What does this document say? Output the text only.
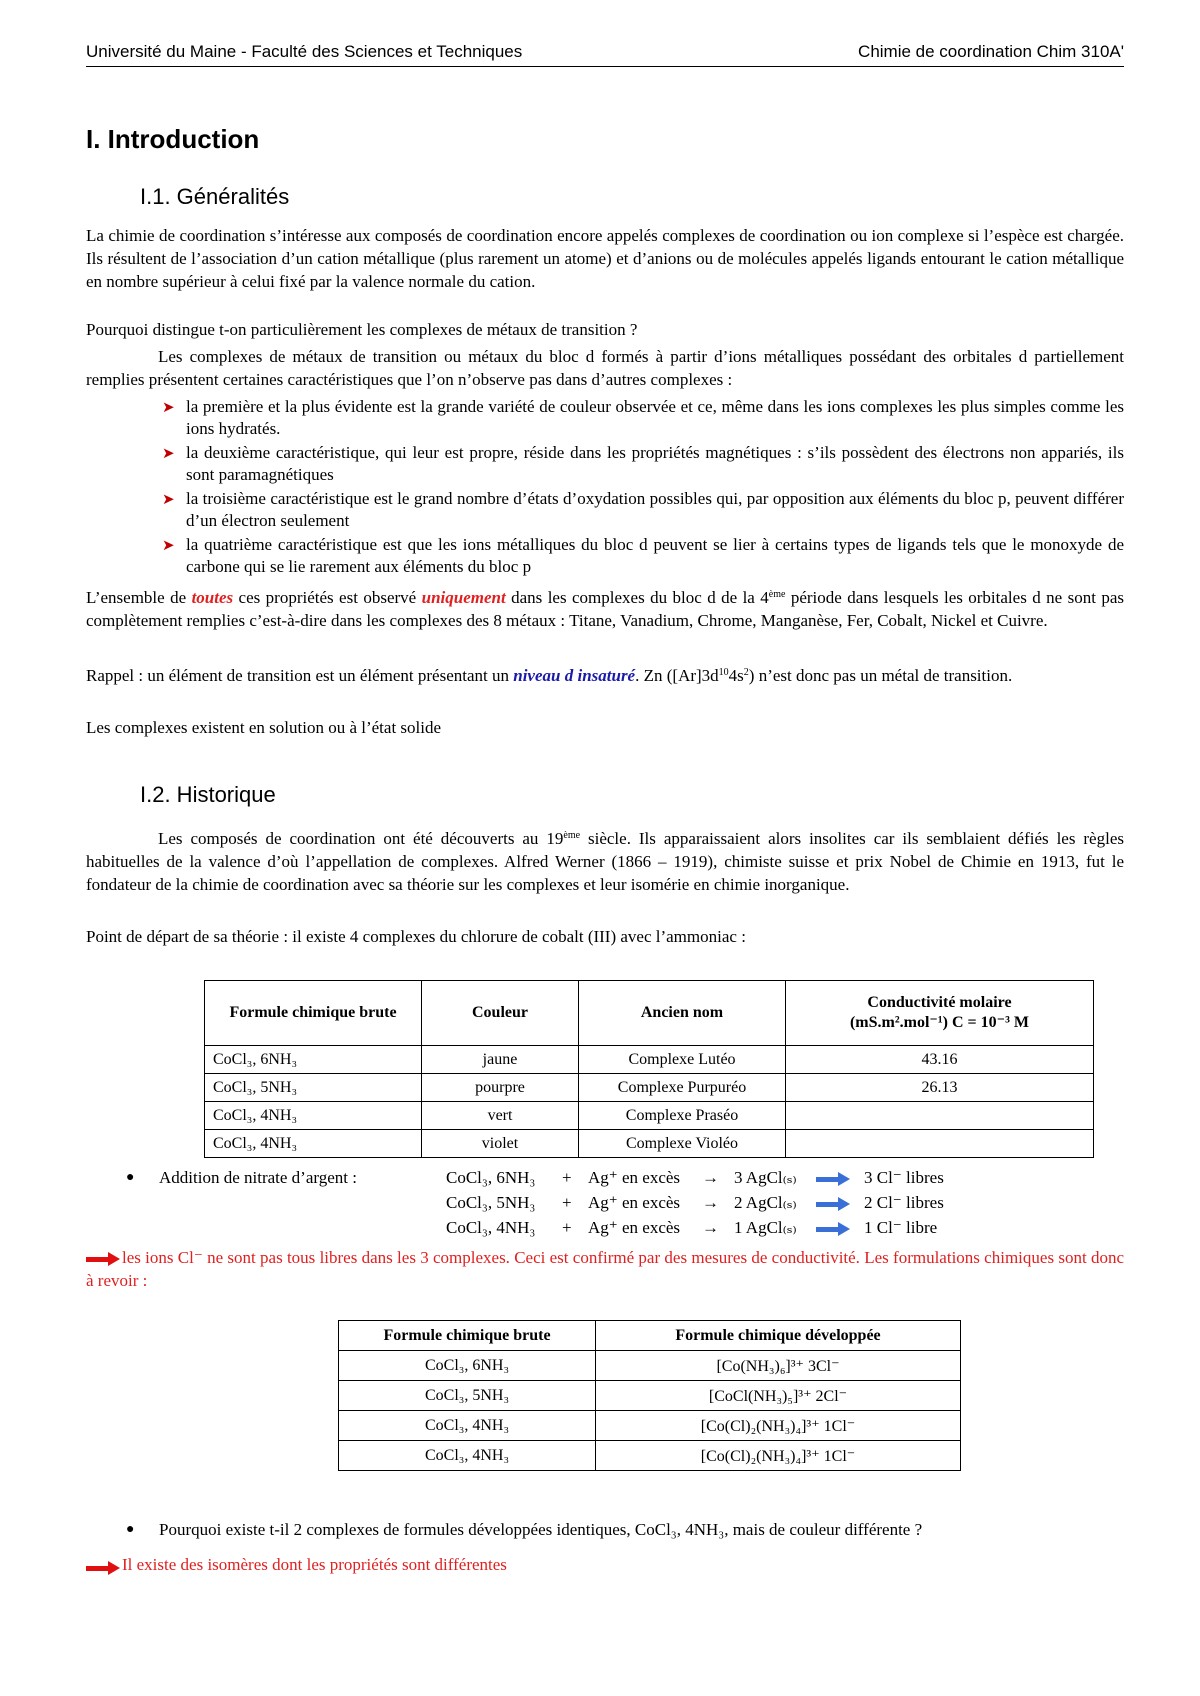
Université du Maine - Faculté des Sciences et Techniques	Chimie de coordination Chim 310A'
I. Introduction
I.1. Généralités
La chimie de coordination s’intéresse aux composés de coordination encore appelés complexes de coordination ou ion complexe si l’espèce est chargée. Ils résultent de l’association d’un cation métallique (plus rarement un atome) et d’anions ou de molécules appelés ligands entourant le cation métallique en nombre supérieur à celui fixé par la valence normale du cation.
Pourquoi distingue t-on particulièrement les complexes de métaux de transition ?
Les complexes de métaux de transition ou métaux du bloc d formés à partir d’ions métalliques possédant des orbitales d partiellement remplies présentent certaines caractéristiques que l’on n’observe pas dans d’autres complexes :
➤ la première et la plus évidente est la grande variété de couleur observée et ce, même dans les ions complexes les plus simples comme les ions hydratés.
➤ la deuxième caractéristique, qui leur est propre, réside dans les propriétés magnétiques : s’ils possèdent des électrons non appariés, ils sont paramagnétiques
➤ la troisième caractéristique est le grand nombre d’états d’oxydation possibles qui, par opposition aux éléments du bloc p, peuvent différer d’un électron seulement
➤ la quatrième caractéristique est que les ions métalliques du bloc d peuvent se lier à certains types de ligands tels que le monoxyde de carbone qui se lie rarement aux éléments du bloc p
L’ensemble de toutes ces propriétés est observé uniquement dans les complexes du bloc d de la 4ème période dans lesquels les orbitales d ne sont pas complètement remplies c’est-à-dire dans les complexes des 8 métaux : Titane, Vanadium, Chrome, Manganèse, Fer, Cobalt, Nickel et Cuivre.
Rappel : un élément de transition est un élément présentant un niveau d insaturé. Zn $([Ar]3d^{10}4s^2)$ n’est donc pas un métal de transition.
Les complexes existent en solution ou à l’état solide
I.2. Historique
Les composés de coordination ont été découverts au 19ème siècle. Ils apparaissaient alors insolites car ils semblaient défiés les règles habituelles de la valence d’où l’appellation de complexes. Alfred Werner (1866 – 1919), chimiste suisse et prix Nobel de Chimie en 1913, fut le fondateur de la chimie de coordination avec sa théorie sur les complexes et leur isomérie en chimie inorganique.
Point de départ de sa théorie : il existe 4 complexes du chlorure de cobalt (III) avec l’ammoniac :
Formule chimique brute	Couleur	Ancien nom	Conductivité molaire
(mS.m².mol⁻¹) C = 10⁻³ M

CoCl₃, 6NH₃	jaune	Complexe Lutéo	43.16
CoCl₃, 5NH₃	pourpre	Complexe Purpuréo	26.13
CoCl₃, 4NH₃	vert	Complexe Praséo	
CoCl₃, 4NH₃	violet	Complexe Violéo	
● Addition de nitrate d’argent :	CoCl₃, 6NH₃ + Ag⁺ en excès → 3 AgCl₍ₛ₎	3 Cl⁻ libres
CoCl₃, 5NH₃ + Ag⁺ en excès → 2 AgCl₍ₛ₎	2 Cl⁻ libres
CoCl₃, 4NH₃ + Ag⁺ en excès → 1 AgCl₍ₛ₎	1 Cl⁻ libre
les ions Cl⁻ ne sont pas tous libres dans les 3 complexes. Ceci est confirmé par des mesures de conductivité. Les formulations chimiques sont donc à revoir :
Formule chimique brute	Formule chimique développée
CoCl₃, 6NH₃	[Co(NH₃)₆]³⁺ 3Cl⁻
CoCl₃, 5NH₃	[CoCl(NH₃)₅]³⁺ 2Cl⁻
CoCl₃, 4NH₃	[Co(Cl)₂(NH₃)₄]³⁺ 1Cl⁻
CoCl₃, 4NH₃	[Co(Cl)₂(NH₃)₄]³⁺ 1Cl⁻
● Pourquoi existe t-il 2 complexes de formules développées identiques, CoCl₃, 4NH₃, mais de couleur différente ?
Il existe des isomères dont les propriétés sont différentes
